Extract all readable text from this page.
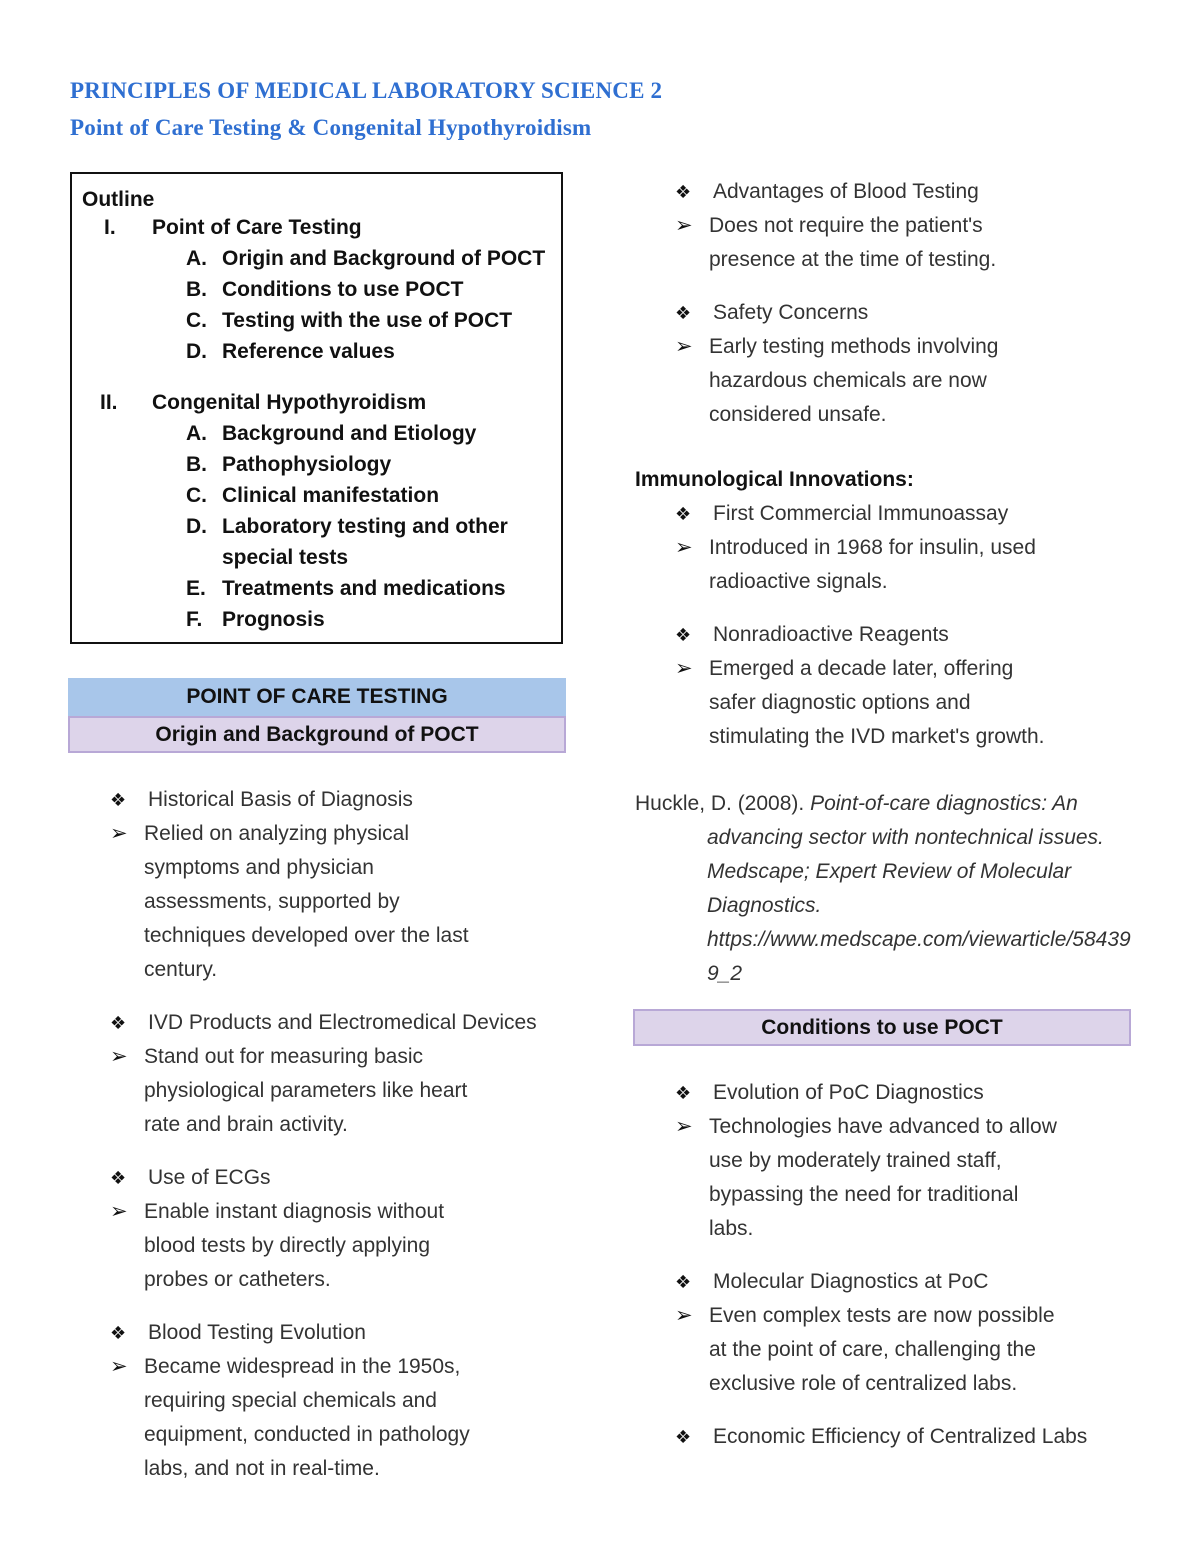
PRINCIPLES OF MEDICAL LABORATORY SCIENCE 2
Point of Care Testing & Congenital Hypothyroidism
Outline
I. Point of Care Testing
A. Origin and Background of POCT
B. Conditions to use POCT
C. Testing with the use of POCT
D. Reference values
II. Congenital Hypothyroidism
A. Background and Etiology
B. Pathophysiology
C. Clinical manifestation
D. Laboratory testing and other
special tests
E. Treatments and medications
F. Prognosis
POINT OF CARE TESTING
Origin and Background of POCT
❖ Historical Basis of Diagnosis
➢ Relied on analyzing physical
symptoms and physician
assessments, supported by
techniques developed over the last
century.
❖ IVD Products and Electromedical Devices
➢ Stand out for measuring basic
physiological parameters like heart
rate and brain activity.
❖ Use of ECGs
➢ Enable instant diagnosis without
blood tests by directly applying
probes or catheters.
❖ Blood Testing Evolution
➢ Became widespread in the 1950s,
requiring special chemicals and
equipment, conducted in pathology
labs, and not in real-time.
❖ Advantages of Blood Testing
➢ Does not require the patient's
presence at the time of testing.
❖ Safety Concerns
➢ Early testing methods involving
hazardous chemicals are now
considered unsafe.
Immunological Innovations:
❖ First Commercial Immunoassay
➢ Introduced in 1968 for insulin, used
radioactive signals.
❖ Nonradioactive Reagents
➢ Emerged a decade later, offering
safer diagnostic options and
stimulating the IVD market's growth.
Huckle, D. (2008). Point-of-care diagnostics: An
advancing sector with nontechnical issues.
Medscape; Expert Review of Molecular
Diagnostics.
https://www.medscape.com/viewarticle/58439
9_2
Conditions to use POCT
❖ Evolution of PoC Diagnostics
➢ Technologies have advanced to allow
use by moderately trained staff,
bypassing the need for traditional
labs.
❖ Molecular Diagnostics at PoC
➢ Even complex tests are now possible
at the point of care, challenging the
exclusive role of centralized labs.
❖ Economic Efficiency of Centralized Labs
